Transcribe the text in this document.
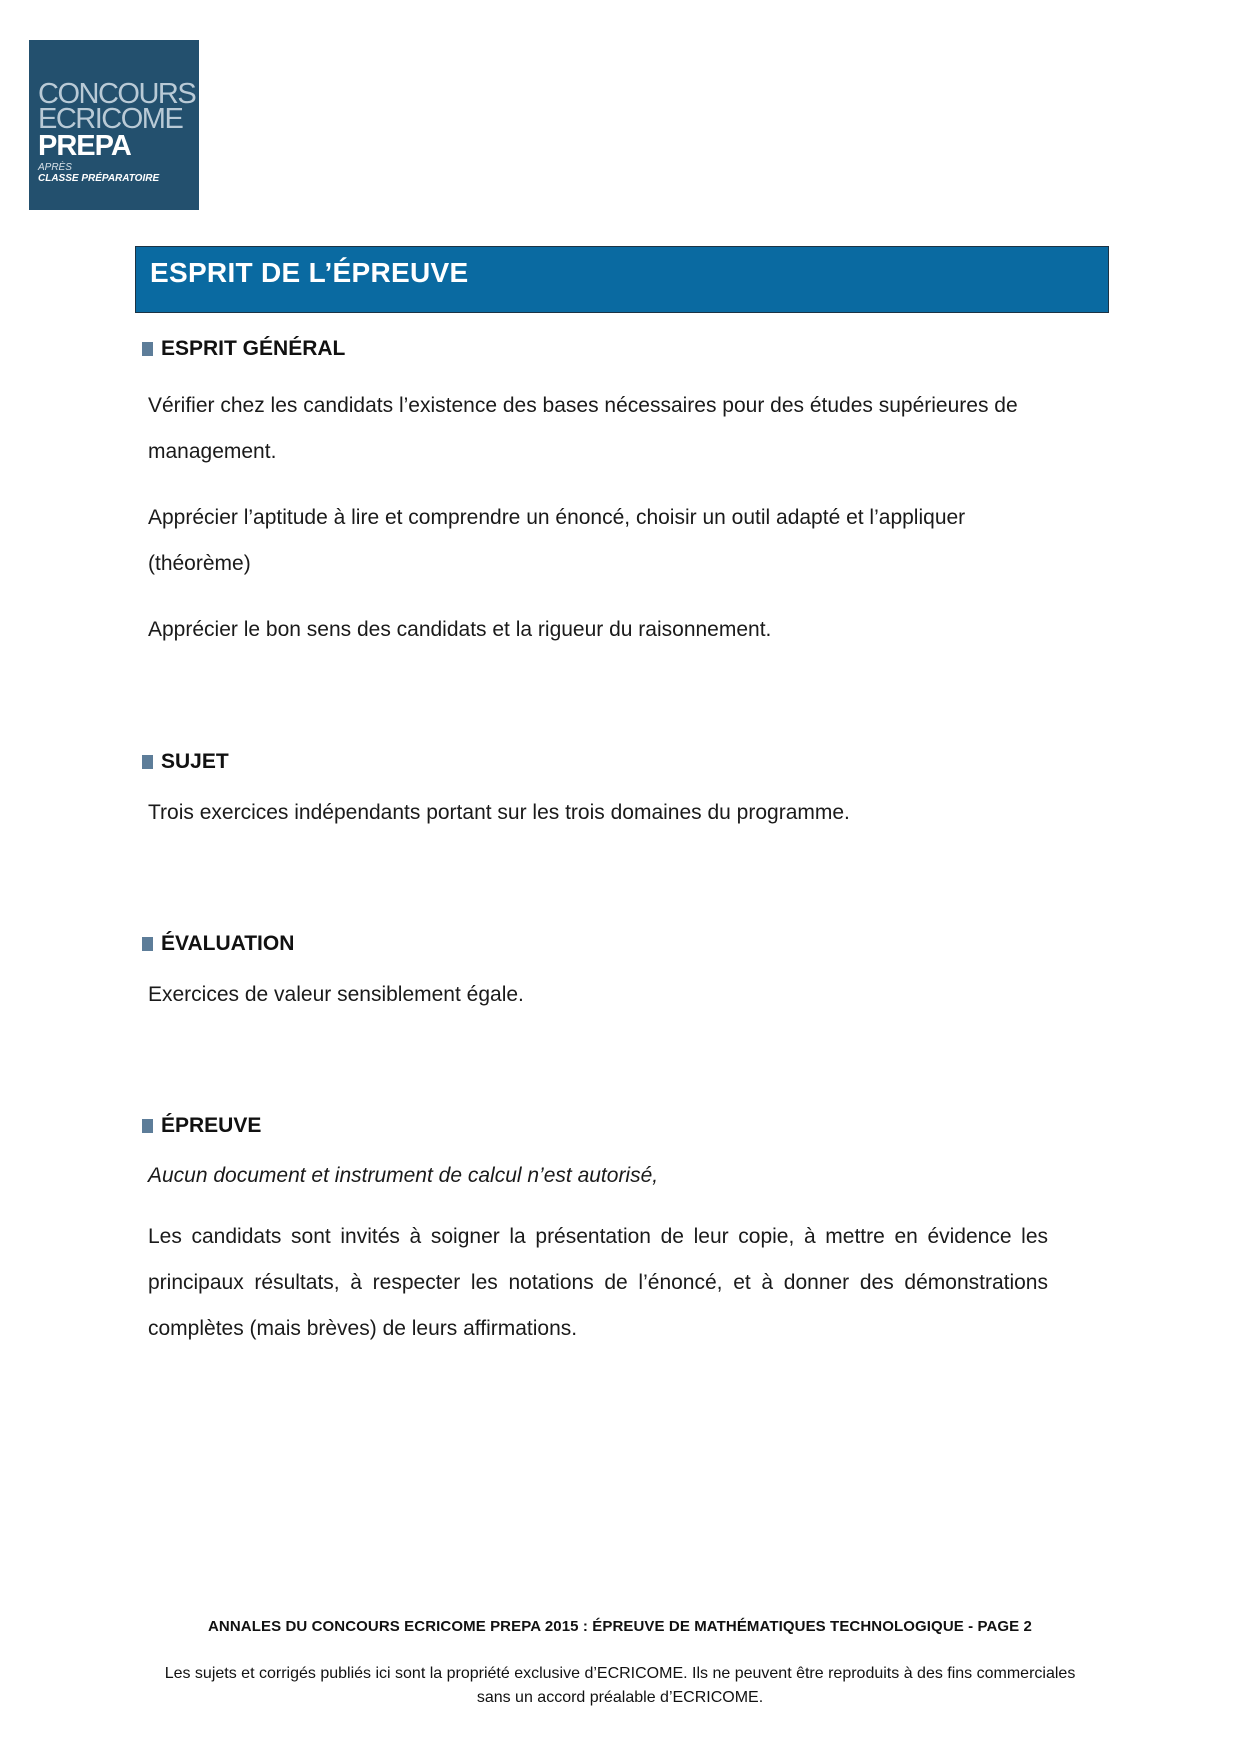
CONCOURS
ECRICOME
PREPA
APRÈS
CLASSE PRÉPARATOIRE
ESPRIT DE L’ÉPREUVE
ESPRIT GÉNÉRAL

Vérifier chez les candidats l’existence des bases nécessaires pour des études supérieures de management.

Apprécier l’aptitude à lire et comprendre un énoncé, choisir un outil adapté et l’appliquer (théorème)

Apprécier le bon sens des candidats et la rigueur du raisonnement.

SUJET

Trois exercices indépendants portant sur les trois domaines du programme.

ÉVALUATION

Exercices de valeur sensiblement égale.

ÉPREUVE

Aucun document et instrument de calcul n’est autorisé,

Les candidats sont invités à soigner la présentation de leur copie, à mettre en évidence les principaux résultats, à respecter les notations de l’énoncé, et à donner des démonstrations complètes (mais brèves) de leurs affirmations.

ANNALES DU CONCOURS ECRICOME PREPA 2015 : ÉPREUVE DE MATHÉMATIQUES TECHNOLOGIQUE - PAGE 2
Les sujets et corrigés publiés ici sont la propriété exclusive d’ECRICOME. Ils ne peuvent être reproduits à des fins commerciales sans un accord préalable d’ECRICOME.
